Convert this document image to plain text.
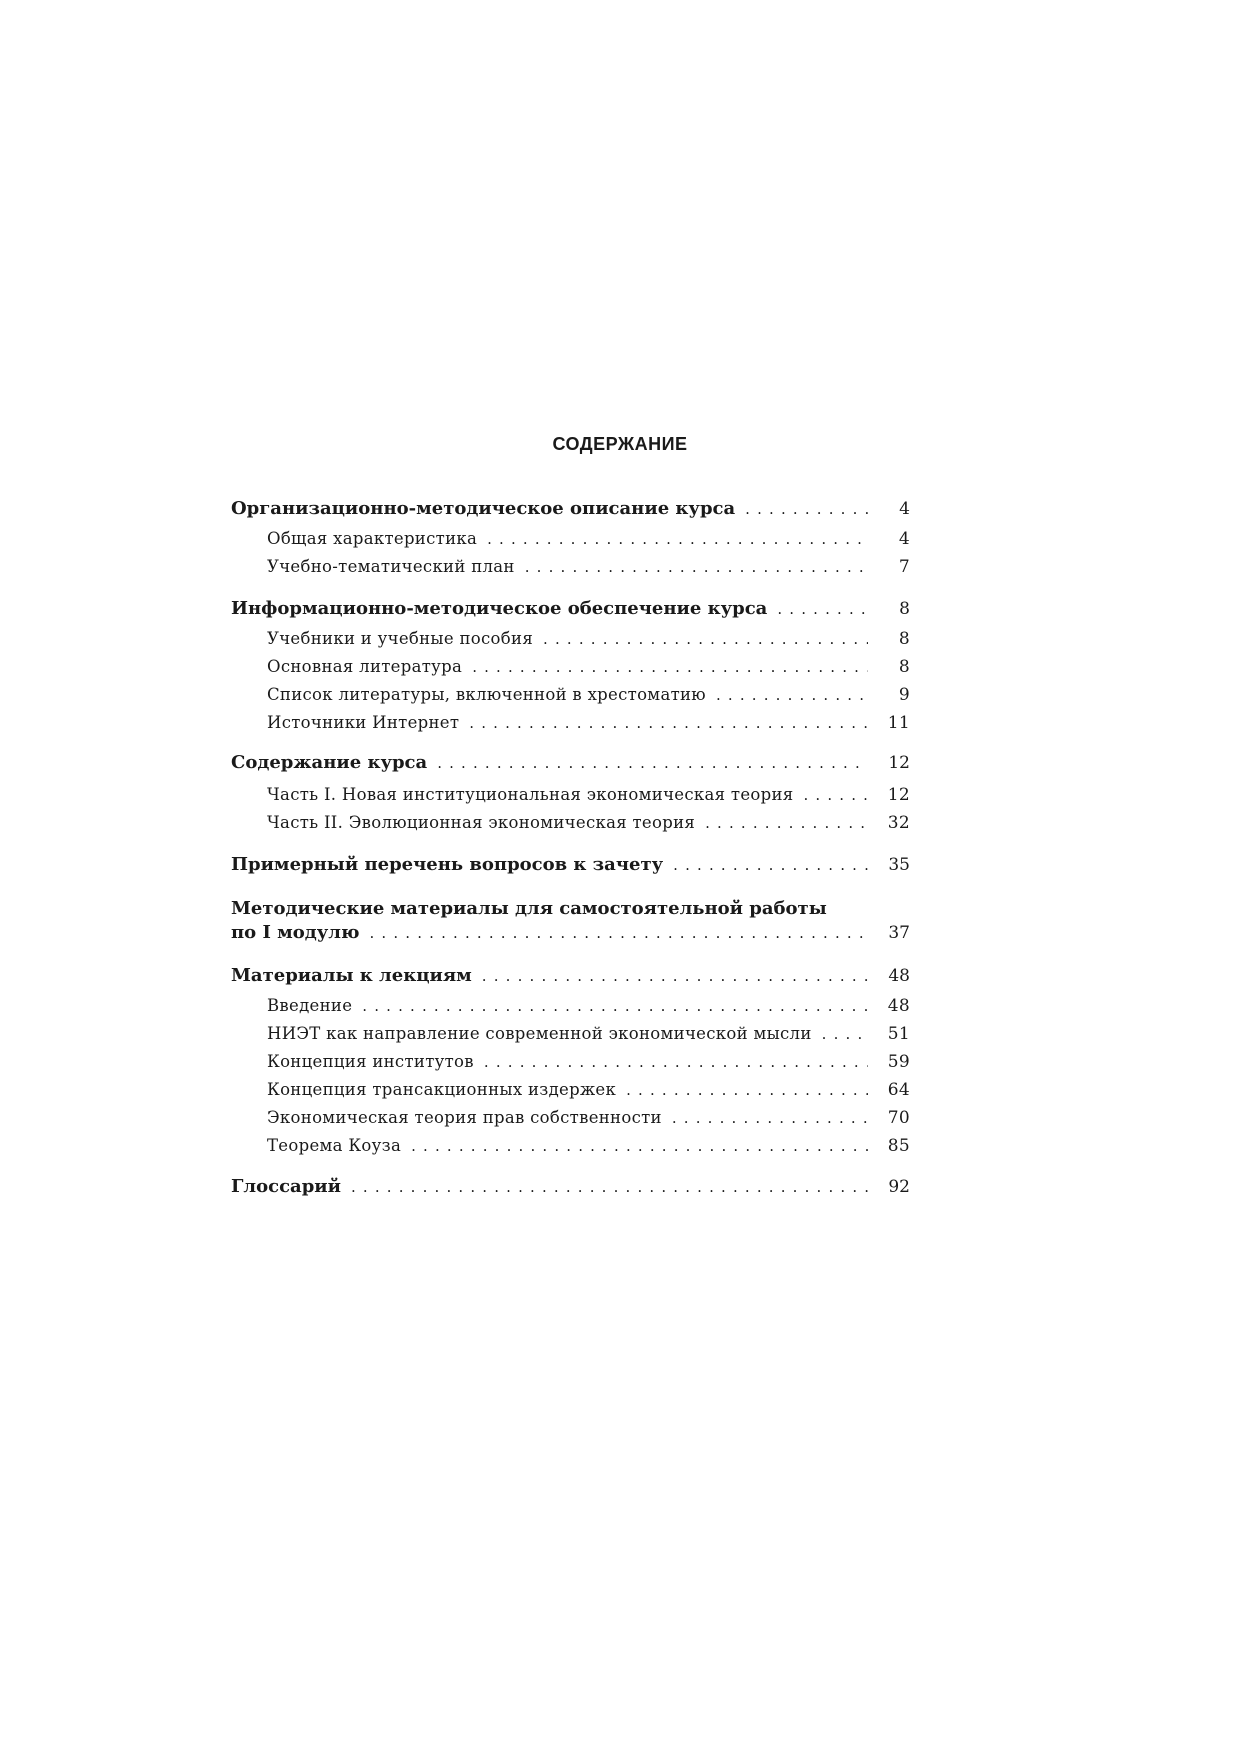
СОДЕРЖАНИЕ
Организационно-методическое описание курса . . .	4
Общая характеристика . . .	4
Учебно-тематический план . . .	7
Информационно-методическое обеспечение курса . . .	8
Учебники и учебные пособия . . .	8
Основная литература . . .	8
Список литературы, включенной в хрестоматию . . .	9
Источники Интернет . . .	11
Содержание курса . . .	12
Часть I. Новая институциональная экономическая теория . . .	12
Часть II. Эволюционная экономическая теория . . .	32
Примерный перечень вопросов к зачету . . .	35
Методические материалы для самостоятельной работы
по I модулю . . .	37
Материалы к лекциям . . .	48
Введение . . .	48
НИЭТ как направление современной экономической мысли . . .	51
Концепция институтов . . .	59
Концепция трансакционных издержек . . .	64
Экономическая теория прав собственности . . .	70
Теорема Коуза . . .	85
Глоссарий . . .	92
